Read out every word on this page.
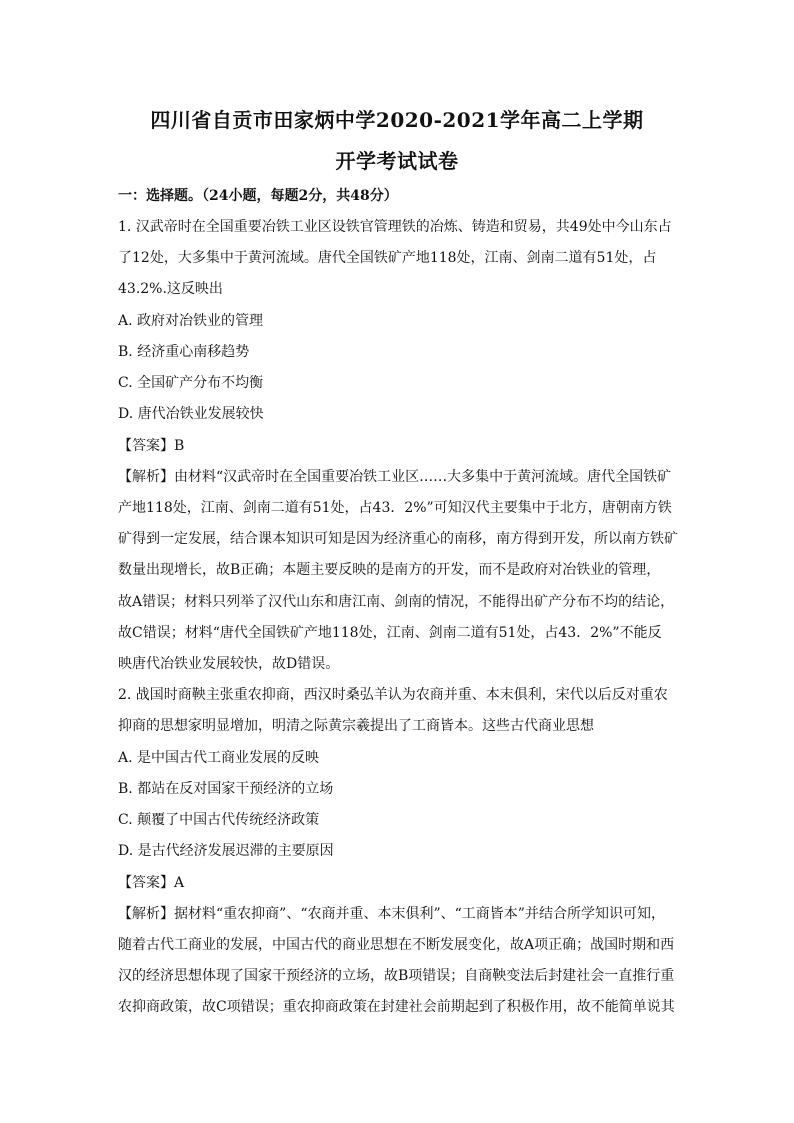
四川省自贡市田家炳中学2020-2021学年高二上学期
开学考试试卷
一：选择题。（24小题，每题2分，共48分）
1. 汉武帝时在全国重要冶铁工业区设铁官管理铁的冶炼、铸造和贸易，共49处中今山东占
了12处，大多集中于黄河流域。唐代全国铁矿产地118处，江南、剑南二道有51处，占
43.2%.这反映出
A. 政府对冶铁业的管理
B. 经济重心南移趋势
C. 全国矿产分布不均衡
D. 唐代冶铁业发展较快
【答案】B
【解析】由材料“汉武帝时在全国重要冶铁工业区……大多集中于黄河流域。唐代全国铁矿
产地118处，江南、剑南二道有51处，占43．2%”可知汉代主要集中于北方，唐朝南方铁
矿得到一定发展，结合课本知识可知是因为经济重心的南移，南方得到开发，所以南方铁矿
数量出现增长，故B正确；本题主要反映的是南方的开发，而不是政府对冶铁业的管理，
故A错误；材料只列举了汉代山东和唐江南、剑南的情况，不能得出矿产分布不均的结论，
故C错误；材料“唐代全国铁矿产地118处，江南、剑南二道有51处，占43．2%”不能反
映唐代冶铁业发展较快，故D错误。
2. 战国时商鞅主张重农抑商，西汉时桑弘羊认为农商并重、本末俱利，宋代以后反对重农
抑商的思想家明显增加，明清之际黄宗羲提出了工商皆本。这些古代商业思想
A. 是中国古代工商业发展的反映
B. 都站在反对国家干预经济的立场
C. 颠覆了中国古代传统经济政策
D. 是古代经济发展迟滞的主要原因
【答案】A
【解析】据材料“重农抑商”、“农商并重、本末俱利”、“工商皆本”并结合所学知识可知，
随着古代工商业的发展，中国古代的商业思想在不断发展变化，故A项正确；战国时期和西
汉的经济思想体现了国家干预经济的立场，故B项错误；自商鞅变法后封建社会一直推行重
农抑商政策，故C项错误；重农抑商政策在封建社会前期起到了积极作用，故不能简单说其
